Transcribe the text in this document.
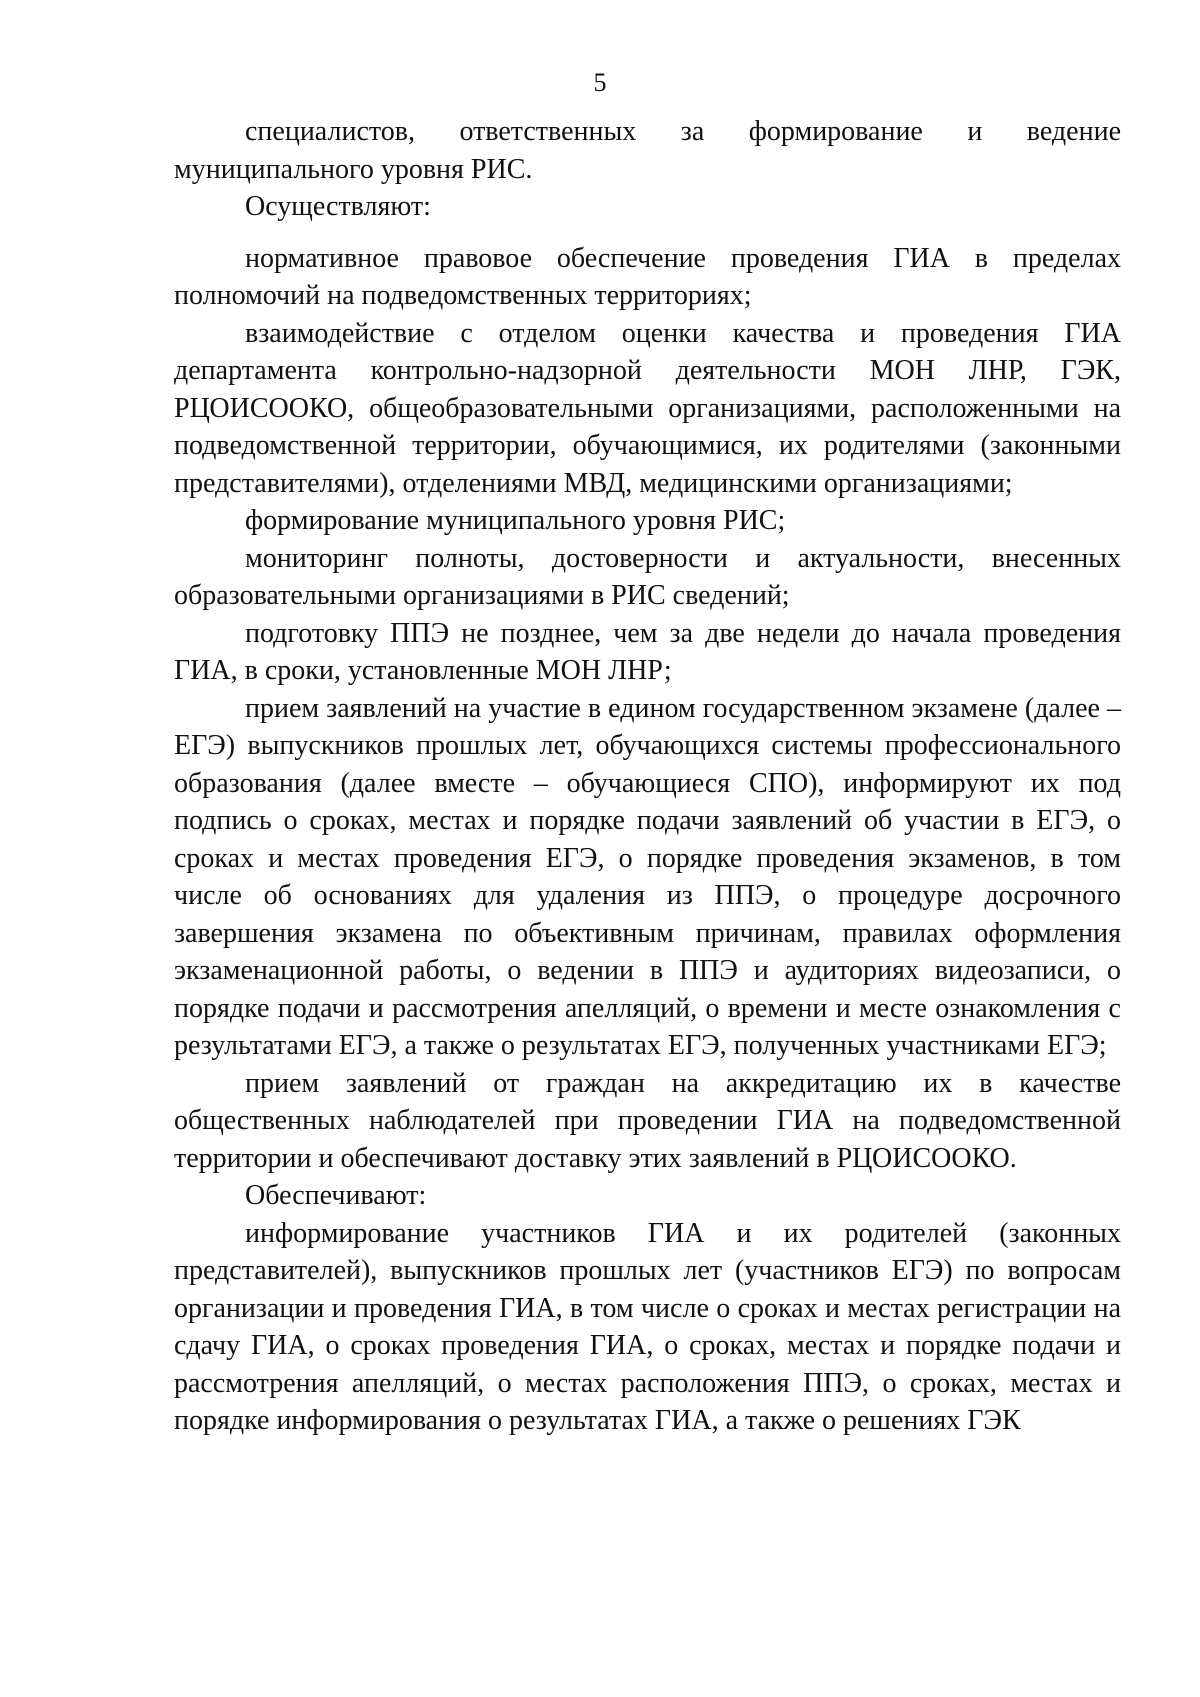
5

специалистов, ответственных за формирование и ведение муниципального уровня РИС.

Осуществляют:

нормативное правовое обеспечение проведения ГИА в пределах полномочий на подведомственных территориях;

взаимодействие с отделом оценки качества и проведения ГИА департамента контрольно-надзорной деятельности МОН ЛНР, ГЭК, РЦОИСООКО, общеобразовательными организациями, расположенными на подведомственной территории, обучающимися, их родителями (законными представителями), отделениями МВД, медицинскими организациями;

формирование муниципального уровня РИС;

мониторинг полноты, достоверности и актуальности, внесенных образовательными организациями в РИС сведений;

подготовку ППЭ не позднее, чем за две недели до начала проведения ГИА, в сроки, установленные МОН ЛНР;

прием заявлений на участие в едином государственном экзамене (далее – ЕГЭ) выпускников прошлых лет, обучающихся системы профессионального образования (далее вместе – обучающиеся СПО), информируют их под подпись о сроках, местах и порядке подачи заявлений об участии в ЕГЭ, о сроках и местах проведения ЕГЭ, о порядке проведения экзаменов, в том числе об основаниях для удаления из ППЭ, о процедуре досрочного завершения экзамена по объективным причинам, правилах оформления экзаменационной работы, о ведении в ППЭ и аудиториях видеозаписи, о порядке подачи и рассмотрения апелляций, о времени и месте ознакомления с результатами ЕГЭ, а также о результатах ЕГЭ, полученных участниками ЕГЭ;

прием заявлений от граждан на аккредитацию их в качестве общественных наблюдателей при проведении ГИА на подведомственной территории и обеспечивают доставку этих заявлений в РЦОИСООКО.

Обеспечивают:

информирование участников ГИА и их родителей (законных представителей), выпускников прошлых лет (участников ЕГЭ) по вопросам организации и проведения ГИА, в том числе о сроках и местах регистрации на сдачу ГИА, о сроках проведения ГИА, о сроках, местах и порядке подачи и рассмотрения апелляций, о местах расположения ППЭ, о сроках, местах и порядке информирования о результатах ГИА, а также о решениях ГЭК
